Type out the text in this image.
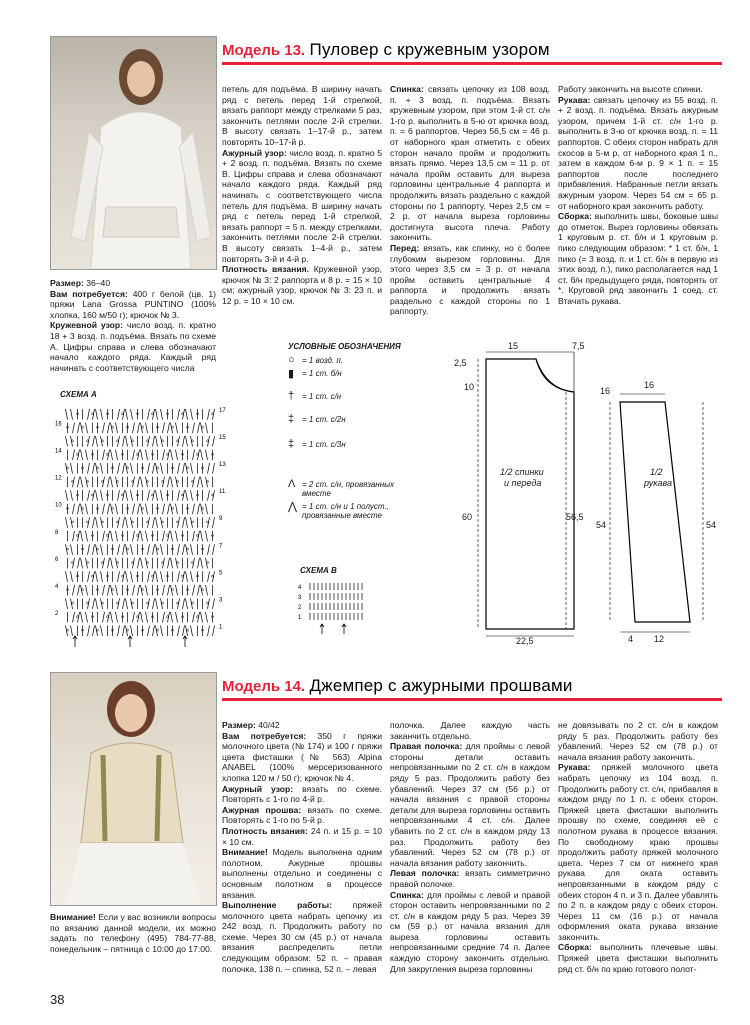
Модель 13. Пуловер с кружевным узором
Размер: 36–40
Вам потребуется: 400 г белой (цв. 1) пряжи Lana Grossa PUNTINO (100% хлопка, 160 м/50 г); крючок № 3.
Кружевной узор: число возд. п. кратно 18 + 3 возд. п. подъёма. Вязать по схеме А. Цифры справа и слева обозначают начало каждого ряда. Каждый ряд начинать с соответствующего числа
петель для подъёма. В ширину начать ряд с петель перед 1-й стрелкой, вязать раппорт между стрелками 5 раз, закончить петлями после 2-й стрелки. В высоту связать 1–17-й р., затем повторять 10–17-й р.
Ажурный узор: число возд. п. кратно 5 + 2 возд. п. подъёма. Вязать по схеме В. Цифры справа и слева обозначают начало каждого ряда. Каждый ряд начинать с соответствующего числа петель для подъёма. В ширину начать ряд с петель перед 1-й стрелкой, вязать раппорт = 5 п. между стрелками, закончить петлями после 2-й стрелки. В высоту связать 1–4-й р., затем повторять 3-й и 4-й р.
Плотность вязания. Кружевной узор, крючок № 3: 2 раппорта и 8 р. = 15 × 10 см; ажурный узор, крючок № 3: 23 п. и 12 р. = 10 × 10 см.
Спинка: связать цепочку из 108 возд. п. + 3 возд. п. подъёма. Вязать кружевным узором, при этом 1-й ст. с/н 1-го р. выполнить в 5-ю от крючка возд. п. = 6 раппортов. Через 56,5 см = 46 р. от наборного края отметить с обеих сторон начало пройм и продолжить вязать прямо. Через 13,5 см = 11 р. от начала пройм оставить для выреза горловины центральные 4 раппорта и продолжить вязать раздельно с каждой стороны по 1 раппорту. Через 2,5 см = 2 р. от начала выреза горловины достигнута высота плеча. Работу закончить.
Перед: вязать, как спинку, но с более глубоким вырезом горловины. Для этого через 3,5 см = 3 р. от начала пройм оставить центральные 4 раппорта и продолжить вязать раздельно с каждой стороны по 1 раппорту.
Работу закончить на высоте спинки.
Рукава: связать цепочку из 55 возд. п. + 2 возд. п. подъёма. Вязать ажурным узором, причем 1-й ст. с/н 1-го р. выполнить в 3-ю от крючка возд. п. = 11 раппортов. С обеих сторон набрать для скосов в 5-м р. от наборного края 1 п., затем в каждом 6-м р. 9 × 1 п. = 15 раппортов после последнего прибавления. Набранные петли вязать ажурным узором. Через 54 см = 65 р. от наборного края закончить работу.
Сборка: выполнить швы, боковые швы до отметок. Вырез горловины обвязать 1 круговым р. ст. б/н и 1 круговым р. пико следующим образом: * 1 ст. б/н, 1 пико (= 3 возд. п. и 1 ст. б/н в первую из этих возд. п.), пико располагается над 1 ст. б/н предыдущего ряда, повторять от *. Круговой ряд закончить 1 соед. ст. Втачать рукава.
СХЕМА А
17
15
13
11
9
7
5
3
1
16
14
12
10
8
6
4
2
УСЛОВНЫЕ ОБОЗНАЧЕНИЯ
СХЕМА В
4
3
2
1
15	7,5
2,5
10	16
60	56,5
22,5
1/2 спинки
и переда
16
54	54
4 12
1/2
рукава
Модель 14. Джемпер с ажурными прошвами
Внимание! Если у вас возникли вопросы по вязанию данной модели, их можно задать по телефону (495) 784-77-88, понедельник – пятница с 10:00 до 17:00.
Размер: 40/42
Вам потребуется: 350 г пряжи молочного цвета (№ 174) и 100 г пряжи цвета фисташки (№ 563) Alpina ANABEL (100% мерсеризованного хлопка 120 м / 50 г); крючок № 4.
Ажурный узор: вязать по схеме. Повторять с 1-го по 4-й р.
Ажурная прошва: вязать по схеме. Повторять с 1-го по 5-й р.
Плотность вязания: 24 п. и 15 р. = 10 × 10 см.
Внимание! Модель выполнена одним полотном. Ажурные прошвы выполнены отдельно и соединены с основным полотном в процессе вязания.
Выполнение работы: пряжей молочного цвета набрать цепочку из 242 возд. п. Продолжить работу по схеме. Через 30 см (45 р.) от начала вязания распределить петли следующим образом: 52 п. – правая полочка, 138 п. – спинка, 52 п. – левая
полочка. Далее каждую часть заканчить отдельно.
Правая полочка: для проймы с левой стороны детали оставить непровязанными по 2 ст. с/н в каждом ряду 5 раз. Продолжить работу без убавлений. Через 37 см (56 р.) от начала вязания с правой стороны детали для выреза горловины оставить непровязанными 4 ст. с/н. Далее убавить по 2 ст. с/н в каждом ряду 13 раз. Продолжить работу без убавлений. Через 52 см (78 р.) от начала вязания работу закончить.
Левая полочка: вязать симметрично правой полочке.
Спинка: для проймы с левой и правой сторон оставить непровязанными по 2 ст. с/н в каждом ряду 5 раз. Через 39 см (59 р.) от начала вязания для выреза горловины оставить непровязанными средние 74 п. Далее каждую сторону закончить отдельно. Для закругления выреза горловины
не довязывать по 2 ст. с/н в каждом ряду 5 раз. Продолжить работу без убавлений. Через 52 см (78 р.) от начала вязания работу закончить.
Рукава: пряжей молочного цвета набрать цепочку из 104 возд. п. Продолжить работу ст. с/н, прибавляя в каждом ряду по 1 п. с обеих сторон. Пряжей цвета фисташки выполнить прошву по схеме, соединяя её с полотном рукава в процессе вязания. По свободному краю прошвы продолжить работу пряжей молочного цвета. Через 7 см от нижнего края рукава для оката оставить непровязанными в каждом ряду с обеих сторон 4 п. и 3 п. Далее убавлять по 2 п. в каждом ряду с обеих сторон. Через 11 см (16 р.) от начала оформления оката рукава вязание закончить.
Сборка: выполнить плечевые швы. Пряжей цвета фисташки выполнить ряд ст. б/н по краю готового полот-
38
○ = 1 возд. п.
▮ = 1 ст. б/н
† = 1 ст. с/н
‡ = 1 ст. с/2н
‡ = 1 ст. с/3н
Λ = 2 ст. с/н, провязанных вместе
⋀ = 1 ст. с/н и 1 полуст., провязанные вместе
